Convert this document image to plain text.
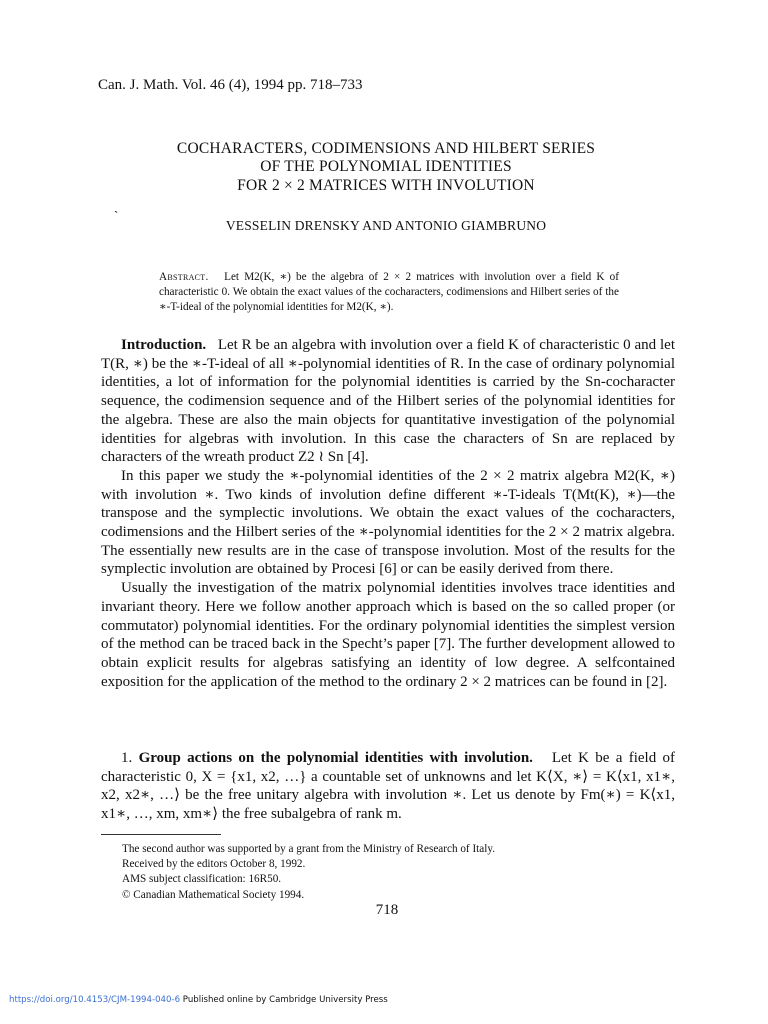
Can. J. Math. Vol. 46 (4), 1994 pp. 718–733
COCHARACTERS, CODIMENSIONS AND HILBERT SERIES
OF THE POLYNOMIAL IDENTITIES
FOR 2 × 2 MATRICES WITH INVOLUTION
`
VESSELIN DRENSKY AND ANTONIO GIAMBRUNO
Abstract. Let M2(K, ∗) be the algebra of 2 × 2 matrices with involution over a field K of characteristic 0. We obtain the exact values of the cocharacters, codimensions and Hilbert series of the ∗-T-ideal of the polynomial identities for M2(K, ∗).

Introduction. Let R be an algebra with involution over a field K of characteristic 0 and let T(R, ∗) be the ∗-T-ideal of all ∗-polynomial identities of R. In the case of ordinary polynomial identities, a lot of information for the polynomial identities is carried by the Sn-cocharacter sequence, the codimension sequence and of the Hilbert series of the polynomial identities for the algebra. These are also the main objects for quantitative investigation of the polynomial identities for algebras with involution. In this case the characters of Sn are replaced by characters of the wreath product Z2 ≀ Sn [4].

In this paper we study the ∗-polynomial identities of the 2 × 2 matrix algebra M2(K, ∗) with involution ∗. Two kinds of involution define different ∗-T-ideals T(Mt(K), ∗)—the transpose and the symplectic involutions. We obtain the exact values of the cocharacters, codimensions and the Hilbert series of the ∗-polynomial identities for the 2 × 2 matrix algebra. The essentially new results are in the case of transpose involution. Most of the results for the symplectic involution are obtained by Procesi [6] or can be easily derived from there.

Usually the investigation of the matrix polynomial identities involves trace identities and invariant theory. Here we follow another approach which is based on the so called proper (or commutator) polynomial identities. For the ordinary polynomial identities the simplest version of the method can be traced back in the Specht’s paper [7]. The further development allowed to obtain explicit results for algebras satisfying an identity of low degree. A selfcontained exposition for the application of the method to the ordinary 2 × 2 matrices can be found in [2].

1. Group actions on the polynomial identities with involution. Let K be a field of characteristic 0, X = {x1, x2, …} a countable set of unknowns and let K⟨X, ∗⟩ = K⟨x1, x1∗, x2, x2∗, …⟩ be the free unitary algebra with involution ∗. Let us denote by Fm(∗) = K⟨x1, x1∗, …, xm, xm∗⟩ the free subalgebra of rank m.

The second author was supported by a grant from the Ministry of Research of Italy.
Received by the editors October 8, 1992.
AMS subject classification: 16R50.
© Canadian Mathematical Society 1994.
718
https://doi.org/10.4153/CJM-1994-040-6 Published online by Cambridge University Press
